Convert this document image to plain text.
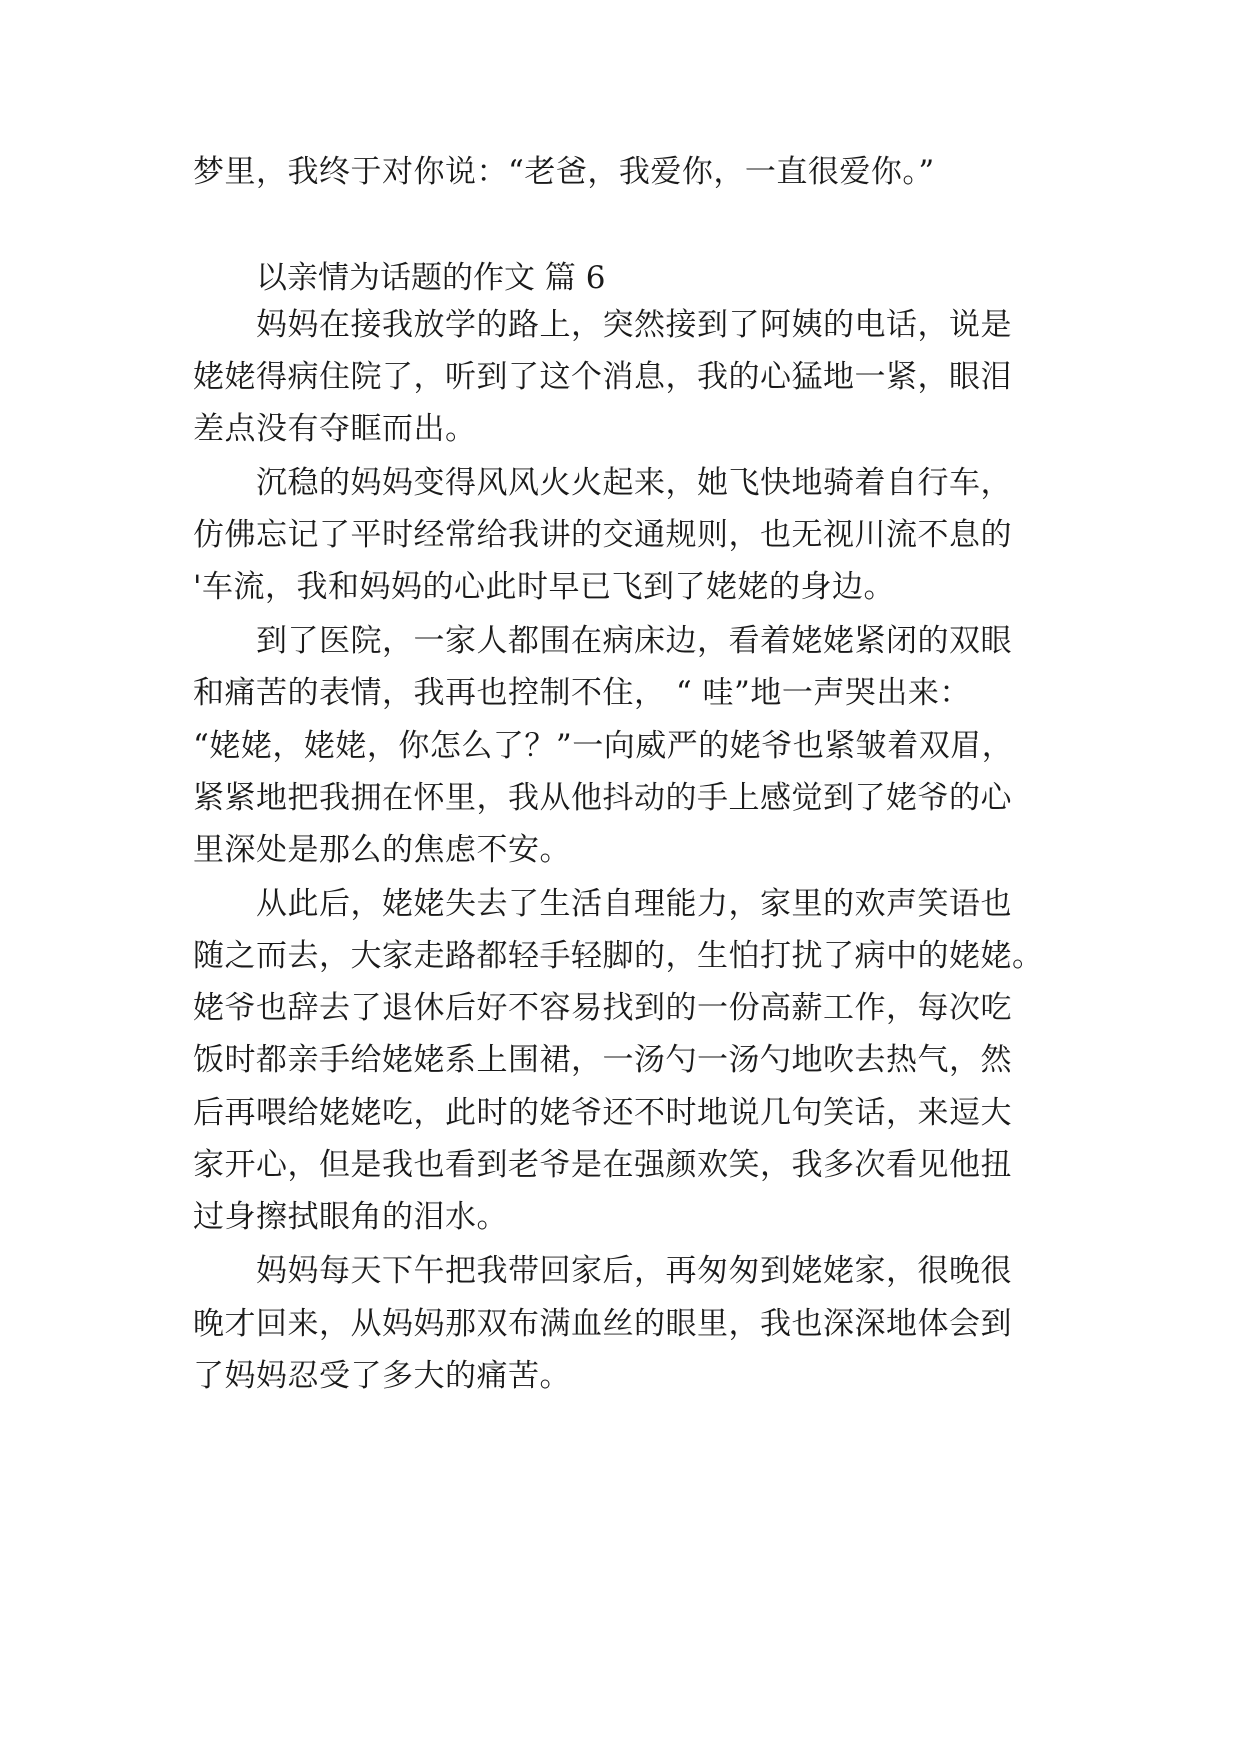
梦里，我终于对你说：“老爸，我爱你，一直很爱你。”
以亲情为话题的作文 篇 6
妈妈在接我放学的路上，突然接到了阿姨的电话，说是
姥姥得病住院了，听到了这个消息，我的心猛地一紧，眼泪
差点没有夺眶而出。
沉稳的妈妈变得风风火火起来，她飞快地骑着自行车，
仿佛忘记了平时经常给我讲的交通规则，也无视川流不息的
'车流，我和妈妈的心此时早已飞到了姥姥的身边。
到了医院，一家人都围在病床边，看着姥姥紧闭的双眼
和痛苦的表情，我再也控制不住， “ 哇”地一声哭出来：
“姥姥，姥姥，你怎么了？”一向威严的姥爷也紧皱着双眉，
紧紧地把我拥在怀里，我从他抖动的手上感觉到了姥爷的心
里深处是那么的焦虑不安。
从此后，姥姥失去了生活自理能力，家里的欢声笑语也
随之而去，大家走路都轻手轻脚的，生怕打扰了病中的姥姥。
姥爷也辞去了退休后好不容易找到的一份高薪工作，每次吃
饭时都亲手给姥姥系上围裙，一汤勺一汤勺地吹去热气，然
后再喂给姥姥吃，此时的姥爷还不时地说几句笑话，来逗大
家开心，但是我也看到老爷是在强颜欢笑，我多次看见他扭
过身擦拭眼角的泪水。
妈妈每天下午把我带回家后，再匆匆到姥姥家，很晚很
晚才回来，从妈妈那双布满血丝的眼里，我也深深地体会到
了妈妈忍受了多大的痛苦。
